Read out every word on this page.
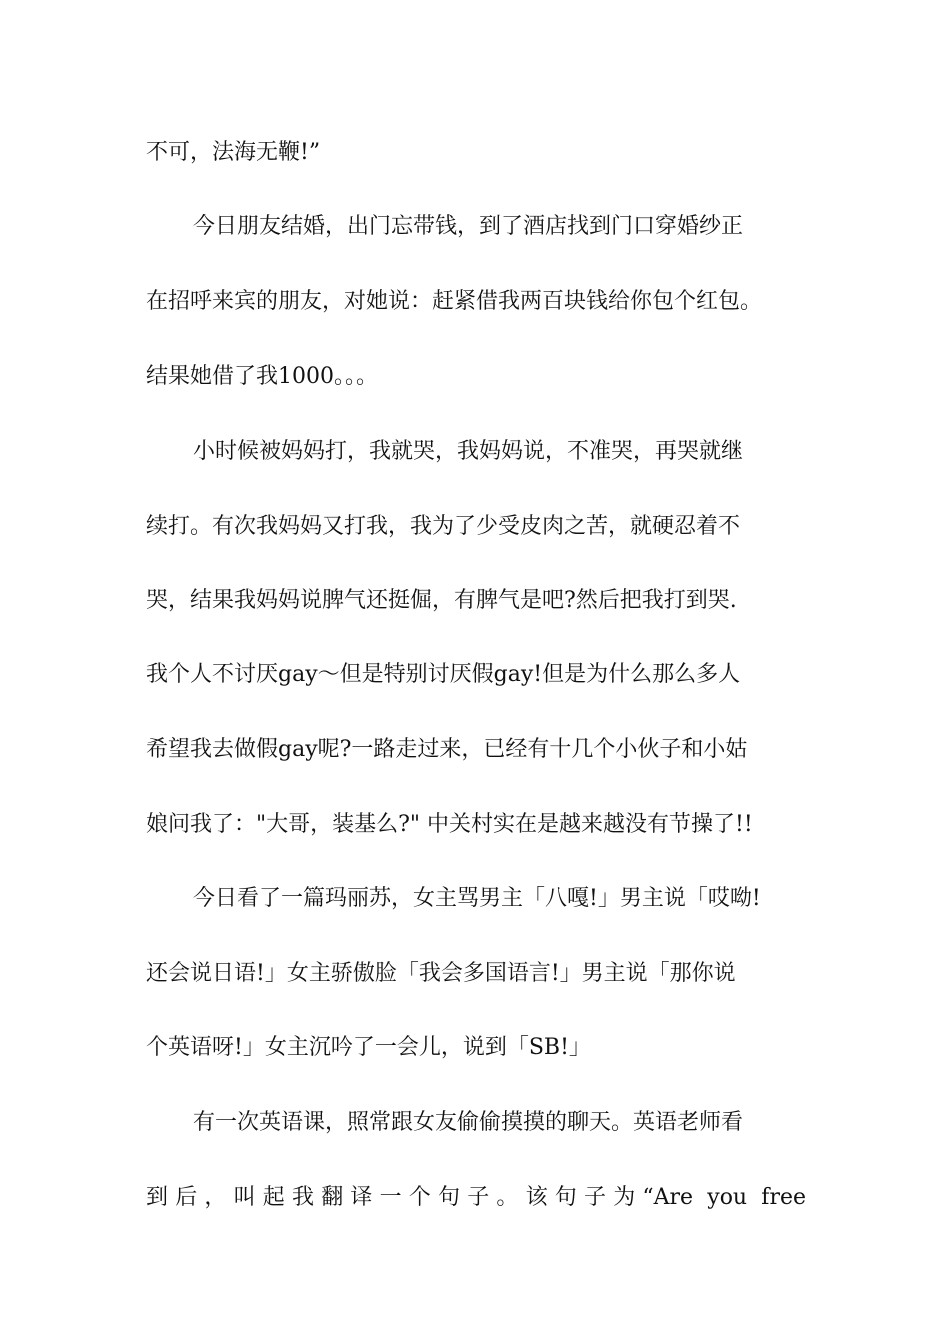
不可，法海无鞭!”
今日朋友结婚，出门忘带钱，到了酒店找到门口穿婚纱正
在招呼来宾的朋友，对她说：赶紧借我两百块钱给你包个红包。
结果她借了我1000。。。
小时候被妈妈打，我就哭，我妈妈说，不准哭，再哭就继
续打。有次我妈妈又打我，我为了少受皮肉之苦，就硬忍着不
哭，结果我妈妈说脾气还挺倔，有脾气是吧?然后把我打到哭.
我个人不讨厌gay～但是特别讨厌假gay!但是为什么那么多人
希望我去做假gay呢?一路走过来，已经有十几个小伙子和小姑
娘问我了："大哥，装基么?" 中关村实在是越来越没有节操了!!
今日看了一篇玛丽苏，女主骂男主「八嘎!」男主说「哎呦!
还会说日语!」女主骄傲脸「我会多国语言!」男主说「那你说
个英语呀!」女主沉吟了一会儿，说到「SB!」
有一次英语课，照常跟女友偷偷摸摸的聊天。英语老师看
到后，叫起我翻译一个句子。该句子为“Are you free
